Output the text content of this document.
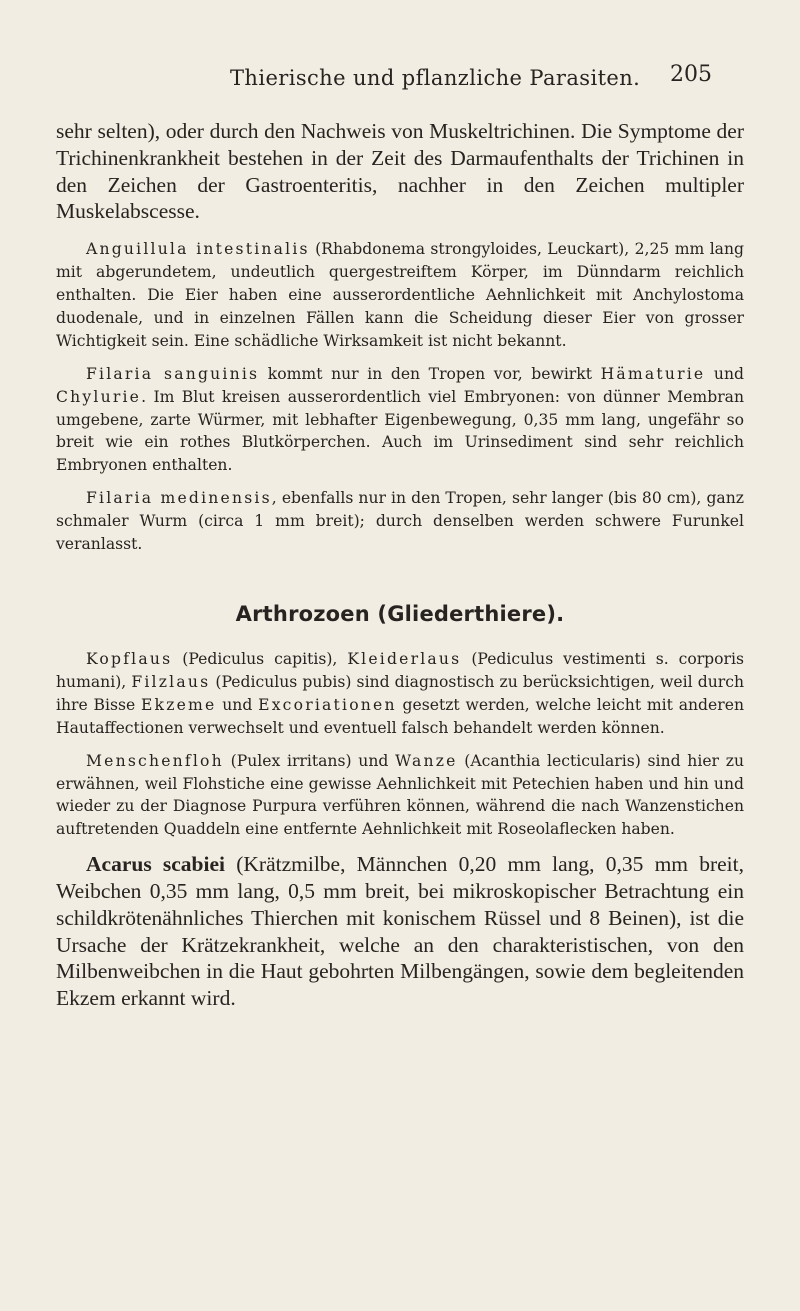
Thierische und pflanzliche Parasiten. 205

sehr selten), oder durch den Nachweis von Muskeltrichinen. Die Symptome der Trichinenkrankheit bestehen in der Zeit des Darmaufenthalts der Trichinen in den Zeichen der Gastroenteritis, nachher in den Zeichen multipler Muskelabscesse.

Anguillula intestinalis (Rhabdonema strongyloides, Leuckart), 2,25 mm lang mit abgerundetem, undeutlich quergestreiftem Körper, im Dünndarm reichlich enthalten. Die Eier haben eine ausserordentliche Aehnlichkeit mit Anchylostoma duodenale, und in einzelnen Fällen kann die Scheidung dieser Eier von grosser Wichtigkeit sein. Eine schädliche Wirksamkeit ist nicht bekannt.

Filaria sanguinis kommt nur in den Tropen vor, bewirkt Hämaturie und Chylurie. Im Blut kreisen ausserordentlich viel Embryonen: von dünner Membran umgebene, zarte Würmer, mit lebhafter Eigenbewegung, 0,35 mm lang, ungefähr so breit wie ein rothes Blutkörperchen. Auch im Urinsediment sind sehr reichlich Embryonen enthalten.

Filaria medinensis, ebenfalls nur in den Tropen, sehr langer (bis 80 cm), ganz schmaler Wurm (circa 1 mm breit); durch denselben werden schwere Furunkel veranlasst.

Arthrozoen (Gliederthiere).

Kopflaus (Pediculus capitis), Kleiderlaus (Pediculus vestimenti s. corporis humani), Filzlaus (Pediculus pubis) sind diagnostisch zu berücksichtigen, weil durch ihre Bisse Ekzeme und Excoriationen gesetzt werden, welche leicht mit anderen Hautaffectionen verwechselt und eventuell falsch behandelt werden können.

Menschenfloh (Pulex irritans) und Wanze (Acanthia lecticularis) sind hier zu erwähnen, weil Flohstiche eine gewisse Aehnlichkeit mit Petechien haben und hin und wieder zu der Diagnose Purpura verführen können, während die nach Wanzenstichen auftretenden Quaddeln eine entfernte Aehnlichkeit mit Roseolaflecken haben.

Acarus scabiei (Krätzmilbe, Männchen 0,20 mm lang, 0,35 mm breit, Weibchen 0,35 mm lang, 0,5 mm breit, bei mikroskopischer Betrachtung ein schildkrötenähnliches Thierchen mit konischem Rüssel und 8 Beinen), ist die Ursache der Krätzekrankheit, welche an den charakteristischen, von den Milbenweibchen in die Haut gebohrten Milbengängen, sowie dem begleitenden Ekzem erkannt wird.
